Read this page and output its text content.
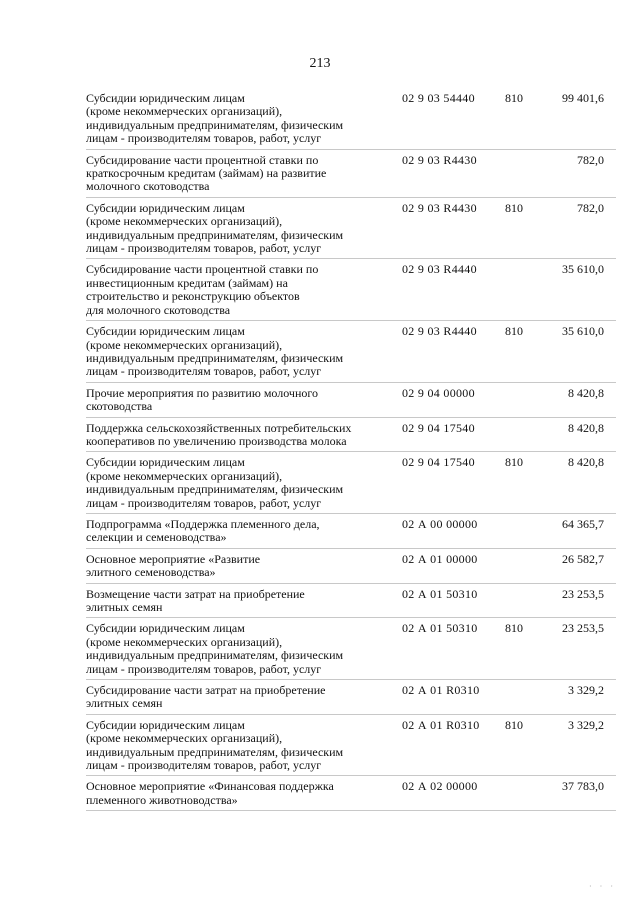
213
Субсидии юридическим лицам
(кроме некоммерческих организаций),
индивидуальным предпринимателям, физическим
лицам - производителям товаров, работ, услуг
02 9 03 54440	810	99 401,6
Субсидирование части процентной ставки по
краткосрочным кредитам (займам) на развитие
молочного скотоводства
02 9 03 R4430	782,0
Субсидии юридическим лицам
(кроме некоммерческих организаций),
индивидуальным предпринимателям, физическим
лицам - производителям товаров, работ, услуг
02 9 03 R4430 810	782,0
Субсидирование части процентной ставки по
инвестиционным кредитам (займам) на
строительство и реконструкцию объектов
для молочного скотоводства
02 9 03 R4440	35 610,0
Субсидии юридическим лицам
(кроме некоммерческих организаций),
индивидуальным предпринимателям, физическим
лицам - производителям товаров, работ, услуг
02 9 03 R4440 810	35 610,0
Прочие мероприятия по развитию молочного
скотоводства
02 9 04 00000	8 420,8
Поддержка сельскохозяйственных потребительских
кооперативов по увеличению производства молока
02 9 04 17540	8 420,8
Субсидии юридическим лицам
(кроме некоммерческих организаций),
индивидуальным предпринимателям, физическим
лицам - производителям товаров, работ, услуг
02 9 04 17540	810	8 420,8
Подпрограмма «Поддержка племенного дела,
селекции и семеноводства»
02 А 00 00000	64 365,7
Основное мероприятие «Развитие
элитного семеноводства»
02 А 01 00000	26 582,7
Возмещение части затрат на приобретение
элитных семян
02 А 01 50310	23 253,5
Субсидии юридическим лицам
(кроме некоммерческих организаций),
индивидуальным предпринимателям, физическим
лицам - производителям товаров, работ, услуг
02 А 01 50310 810	23 253,5
Субсидирование части затрат на приобретение
элитных семян
02 А 01 R0310	3 329,2
Субсидии юридическим лицам
(кроме некоммерческих организаций),
индивидуальным предпринимателям, физическим
лицам - производителям товаров, работ, услуг
02 А 01 R0310 810	3 329,2
Основное мероприятие «Финансовая поддержка
племенного животноводства»
02 А 02 00000	37 783,0
· · ·
